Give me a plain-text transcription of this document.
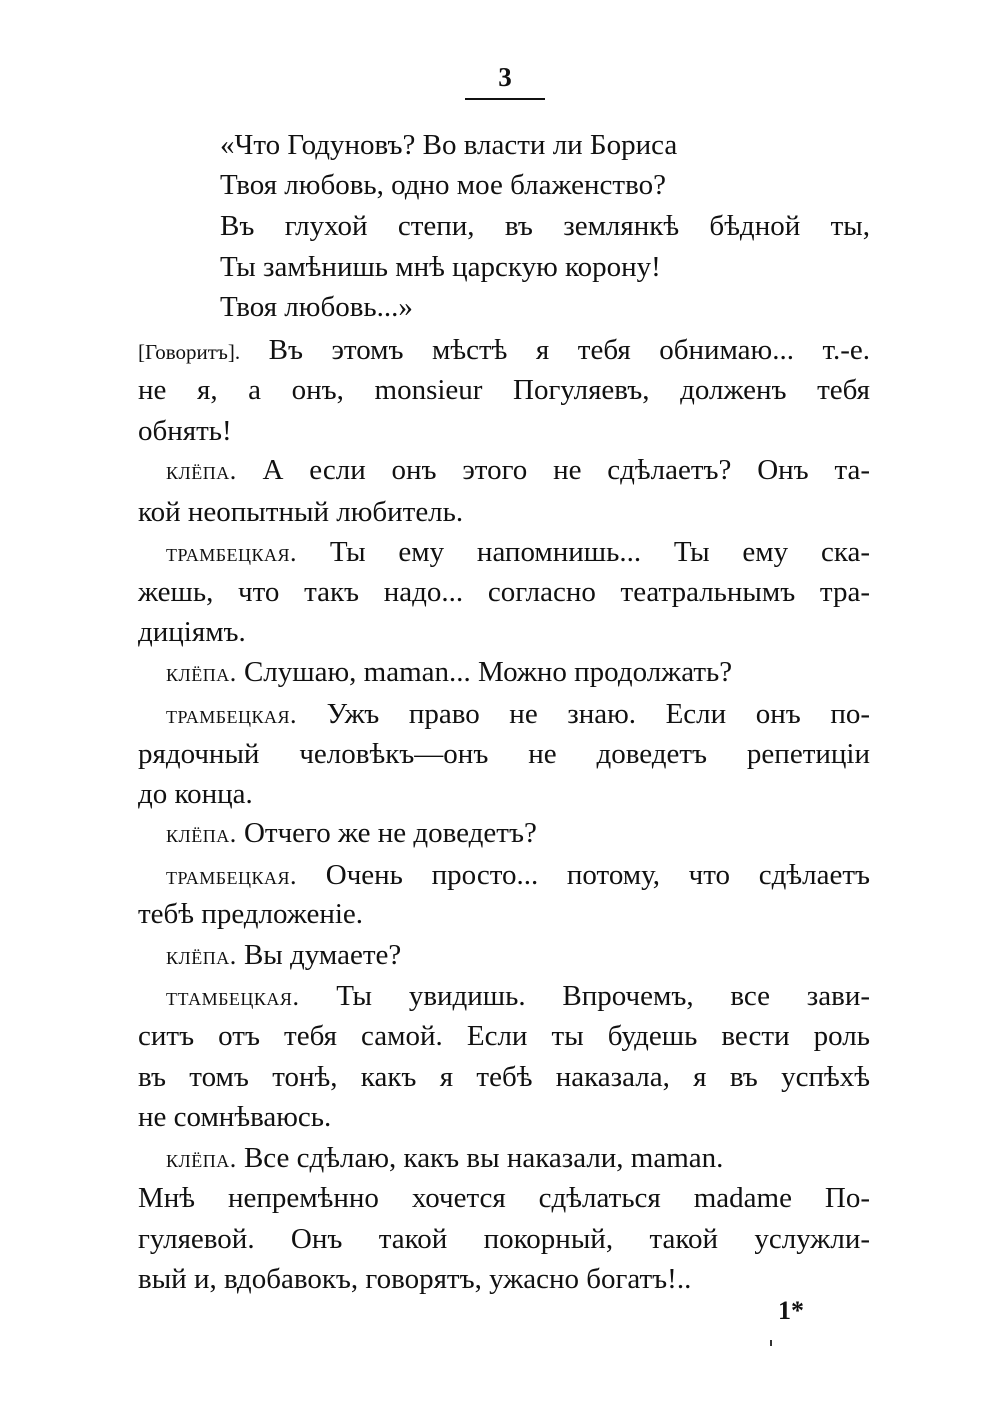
3
«Что Годуновъ? Во власти ли Бориса
Твоя любовь, одно мое блаженство?
Въ глухой степи, въ землянкѣ бѣдной ты,
Ты замѣнишь мнѣ царскую корону!
Твоя любовь...»
[Говоритъ]. Въ этомъ мѣстѣ я тебя обнимаю... т.-е.
не я, а онъ, monsieur Погуляевъ, долженъ тебя
обнять!
клёпа. А если онъ этого не сдѣлаетъ? Онъ та-
кой неопытный любитель.
трамбецкая. Ты ему напомнишь... Ты ему ска-
жешь, что такъ надо... согласно театральнымъ тра-
диціямъ.
клёпа. Слушаю, maman... Можно продолжать?
трамбецкая. Ужъ право не знаю. Если онъ по-
рядочный человѣкъ—онъ не доведетъ репетиціи
до конца.
клёпа. Отчего же не доведетъ?
трамбецкая. Очень просто... потому, что сдѣлаетъ
тебѣ предложеніе.
клёпа. Вы думаете?
ттамбецкая. Ты увидишь. Впрочемъ, все зави-
ситъ отъ тебя самой. Если ты будешь вести роль
въ томъ тонѣ, какъ я тебѣ наказала, я въ успѣхѣ
не сомнѣваюсь.
клёпа. Все сдѣлаю, какъ вы наказали, maman.
Мнѣ непремѣнно хочется сдѣлаться madame По-
гуляевой. Онъ такой покорный, такой услужли-
вый и, вдобавокъ, говорятъ, ужасно богатъ!..
1*
